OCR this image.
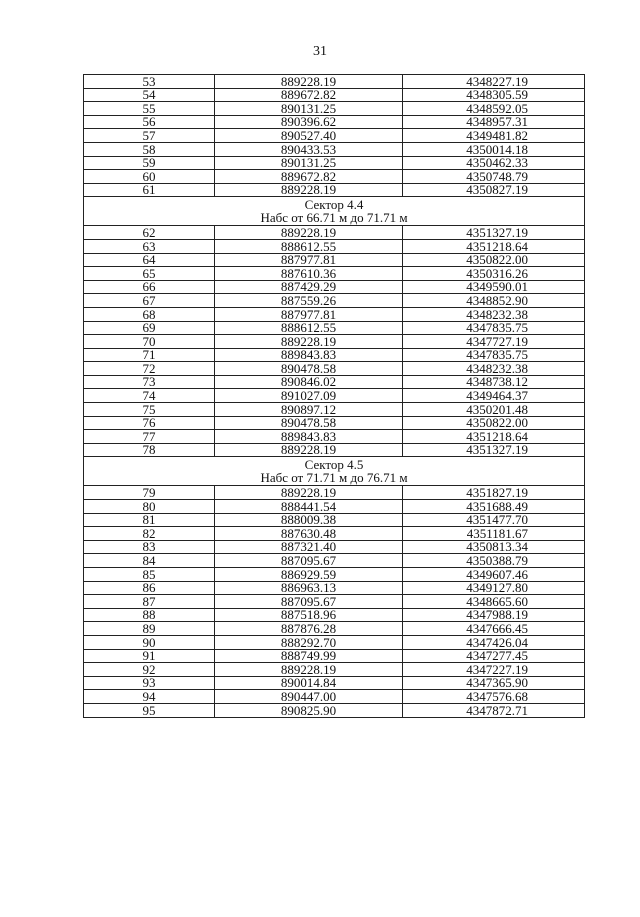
31
53	889228.19	4348227.19
54	889672.82	4348305.59
55	890131.25	4348592.05
56	890396.62	4348957.31
57	890527.40	4349481.82
58	890433.53	4350014.18
59	890131.25	4350462.33
60	889672.82	4350748.79
61	889228.19	4350827.19

Сектор 4.4
Набс от 66.71 м до 71.71 м		

62	889228.19	4351327.19
63	888612.55	4351218.64
64	887977.81	4350822.00
65	887610.36	4350316.26
66	887429.29	4349590.01
67	887559.26	4348852.90
68	887977.81	4348232.38
69	888612.55	4347835.75
70	889228.19	4347727.19
71	889843.83	4347835.75
72	890478.58	4348232.38
73	890846.02	4348738.12
74	891027.09	4349464.37
75	890897.12	4350201.48
76	890478.58	4350822.00
77	889843.83	4351218.64
78	889228.19	4351327.19

Сектор 4.5
Набс от 71.71 м до 76.71 м		

79	889228.19	4351827.19
80	888441.54	4351688.49
81	888009.38	4351477.70
82	887630.48	4351181.67
83	887321.40	4350813.34
84	887095.67	4350388.79
85	886929.59	4349607.46
86	886963.13	4349127.80
87	887095.67	4348665.60
88	887518.96	4347988.19
89	887876.28	4347666.45
90	888292.70	4347426.04
91	888749.99	4347277.45
92	889228.19	4347227.19
93	890014.84	4347365.90
94	890447.00	4347576.68
95	890825.90	4347872.71
